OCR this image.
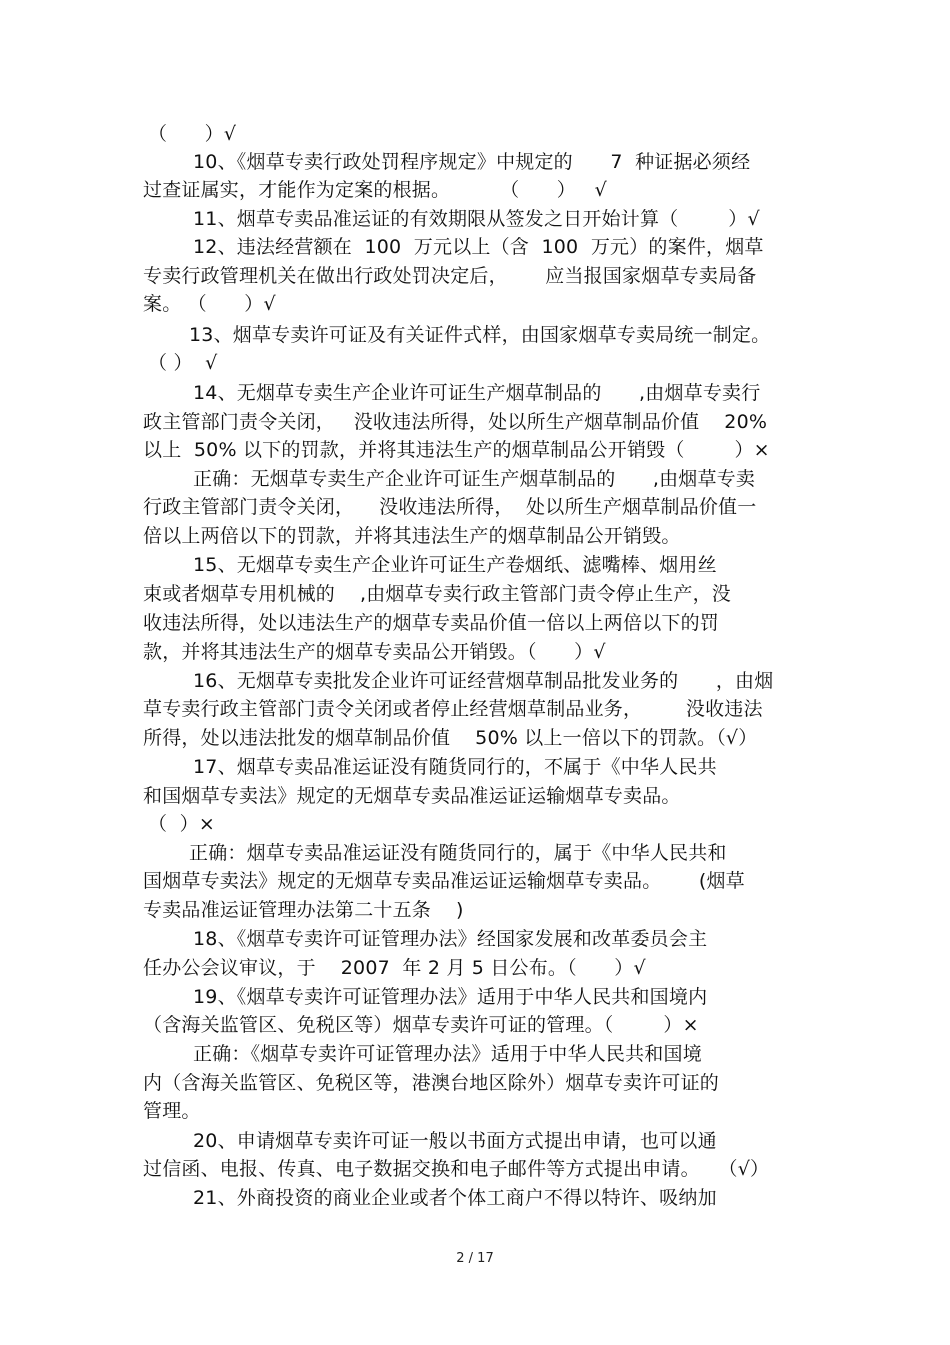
（      ）√
10、《烟草专卖行政处罚程序规定》中规定的      7  种证据必须经
过查证属实，才能作为定案的根据。        （      ）   √
11、烟草专卖品准运证的有效期限从签发之日开始计算（        ）√
12、违法经营额在  100  万元以上（含  100  万元）的案件，烟草
专卖行政管理机关在做出行政处罚决定后，      应当报国家烟草专卖局备
案。 （      ）√
13、烟草专卖许可证及有关证件式样，由国家烟草专卖局统一制定。
（ ）  √
14、无烟草专卖生产企业许可证生产烟草制品的      ,由烟草专卖行
政主管部门责令关闭，   没收违法所得，处以所生产烟草制品价值    20%
以上  50% 以下的罚款，并将其违法生产的烟草制品公开销毁（        ）×
正确：无烟草专卖生产企业许可证生产烟草制品的      ,由烟草专卖
行政主管部门责令关闭，    没收违法所得，  处以所生产烟草制品价值一
倍以上两倍以下的罚款，并将其违法生产的烟草制品公开销毁。
15、无烟草专卖生产企业许可证生产卷烟纸、滤嘴棒、烟用丝
束或者烟草专用机械的    ,由烟草专卖行政主管部门责令停止生产，没
收违法所得，处以违法生产的烟草专卖品价值一倍以上两倍以下的罚
款，并将其违法生产的烟草专卖品公开销毁。（      ）√
16、无烟草专卖批发企业许可证经营烟草制品批发业务的      ，由烟
草专卖行政主管部门责令关闭或者停止经营烟草制品业务，       没收违法
所得，处以违法批发的烟草制品价值    50% 以上一倍以下的罚款。（√）
17、烟草专卖品准运证没有随货同行的，不属于《中华人民共
和国烟草专卖法》规定的无烟草专卖品准运证运输烟草专卖品。
（  ）×
正确：烟草专卖品准运证没有随货同行的，属于《中华人民共和
国烟草专卖法》规定的无烟草专卖品准运证运输烟草专卖品。      (烟草
专卖品准运证管理办法第二十五条    )
18、《烟草专卖许可证管理办法》经国家发展和改革委员会主
任办公会议审议，于    2007  年 2 月 5 日公布。（      ）√
19、《烟草专卖许可证管理办法》适用于中华人民共和国境内
（含海关监管区、免税区等）烟草专卖许可证的管理。（        ）×
正确：《烟草专卖许可证管理办法》适用于中华人民共和国境
内（含海关监管区、免税区等，港澳台地区除外）烟草专卖许可证的
管理。
20、申请烟草专卖许可证一般以书面方式提出申请，也可以通
过信函、电报、传真、电子数据交换和电子邮件等方式提出申请。   （√）
21、外商投资的商业企业或者个体工商户不得以特许、吸纳加
2 / 17
